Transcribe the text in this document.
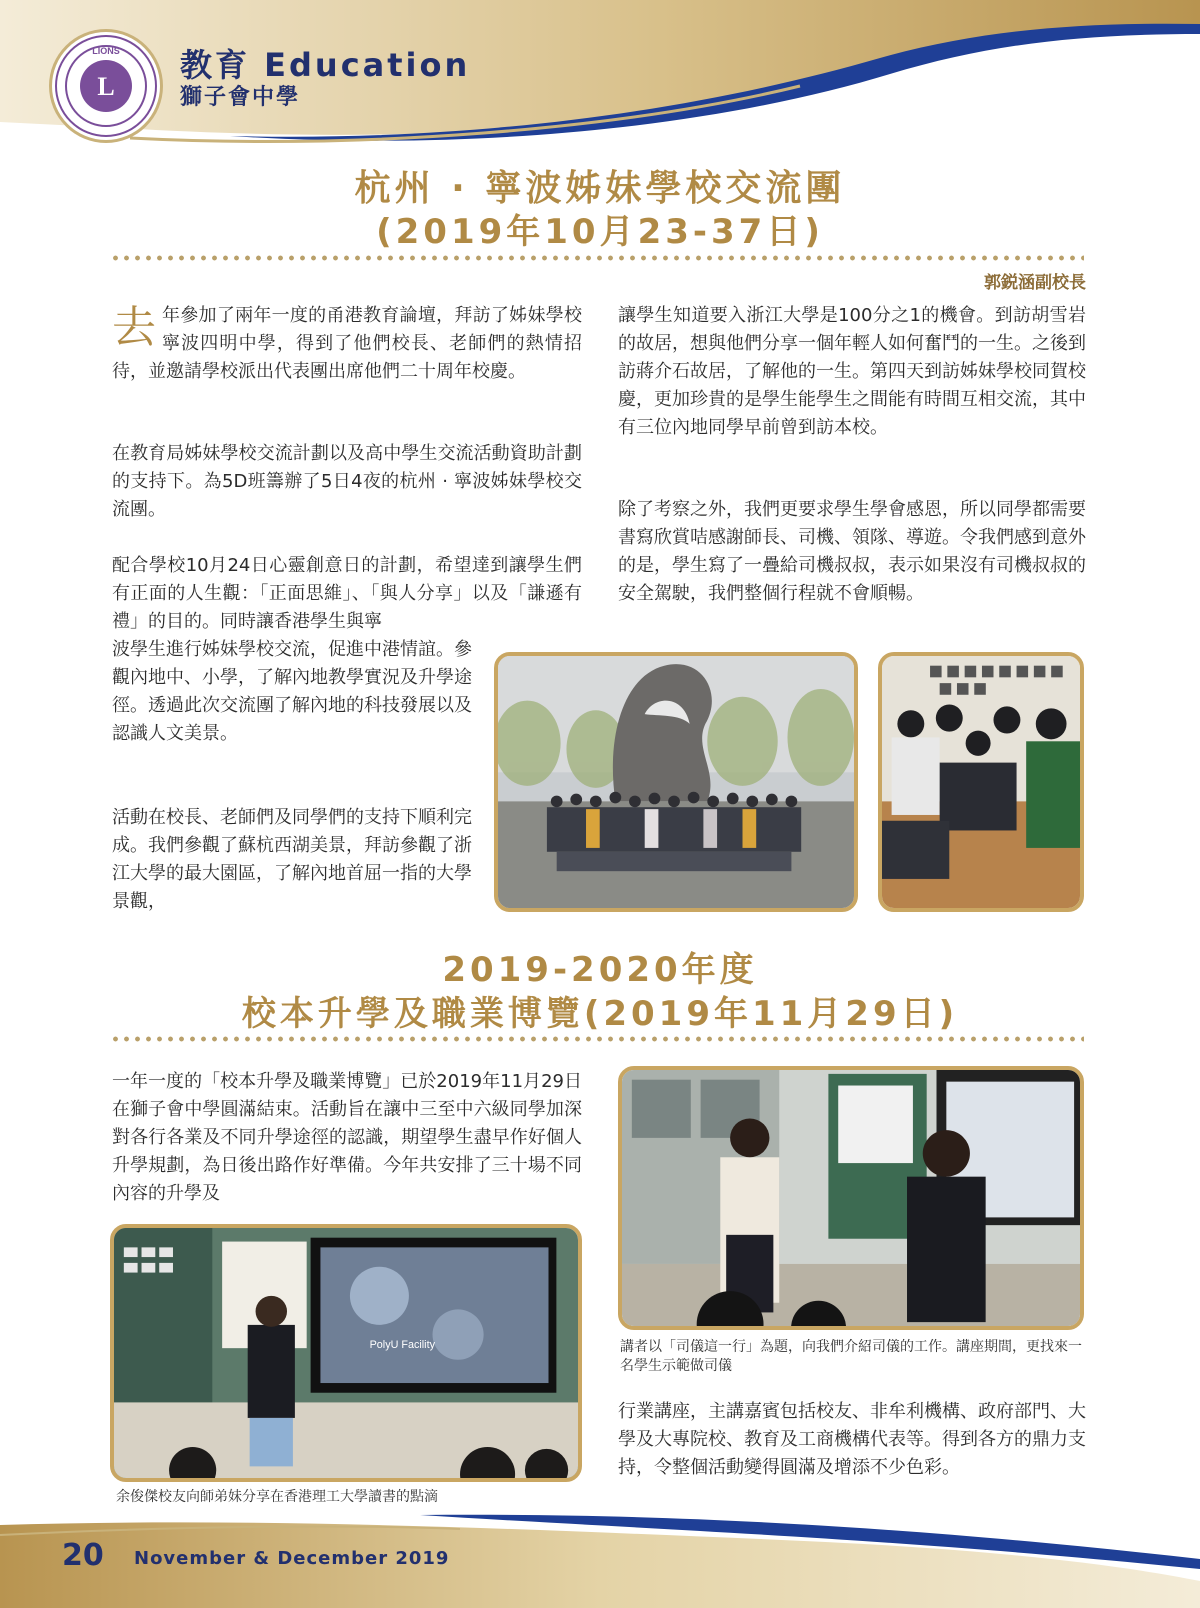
L
LIONS 教育 Education
獅子會中學
杭州 · 寧波姊妹學校交流團
(2019年10月23-37日)
郭鋭涵副校長
去年參加了兩年一度的甬港教育論壇，拜訪了姊妹學校寧波四明中學，得到了他們校長、老師們的熱情招待，並邀請學校派出代表團出席他們二十周年校慶。
在教育局姊妹學校交流計劃以及高中學生交流活動資助計劃的支持下。為5D班籌辦了5日4夜的杭州 · 寧波姊妹學校交流團。
配合學校10月24日心靈創意日的計劃，希望達到讓學生們有正面的人生觀：「正面思維」、「與人分享」以及「謙遜有禮」的目的。同時讓香港學生與寧
波學生進行姊妹學校交流，促進中港情誼。參觀內地中、小學，了解內地教學實況及升學途徑。透過此次交流團了解內地的科技發展以及認識人文美景。
活動在校長、老師們及同學們的支持下順利完成。我們參觀了蘇杭西湖美景，拜訪參觀了浙江大學的最大園區，了解內地首屈一指的大學景觀，
讓學生知道要入浙江大學是100分之1的機會。到訪胡雪岩的故居，想與他們分享一個年輕人如何奮鬥的一生。之後到訪蔣介石故居，了解他的一生。第四天到訪姊妹學校同賀校慶，更加珍貴的是學生能學生之間能有時間互相交流，其中有三位內地同學早前曾到訪本校。
除了考察之外，我們更要求學生學會感恩，所以同學都需要書寫欣賞咭感謝師長、司機、領隊、導遊。令我們感到意外的是，學生寫了一疊給司機叔叔，表示如果沒有司機叔叔的安全駕駛，我們整個行程就不會順暢。
2019-2020年度
校本升學及職業博覽(2019年11月29日)
一年一度的「校本升學及職業博覽」已於2019年11月29日在獅子會中學圓滿結束。活動旨在讓中三至中六級同學加深對各行各業及不同升學途徑的認識，期望學生盡早作好個人升學規劃，為日後出路作好準備。今年共安排了三十場不同內容的升學及
PolyU Facility
余俊傑校友向師弟妹分享在香港理工大學讀書的點滴
講者以「司儀這一行」為題，向我們介紹司儀的工作。講座期間，更找來一名學生示範做司儀
行業講座，主講嘉賓包括校友、非牟利機構、政府部門、大學及大專院校、教育及工商機構代表等。得到各方的鼎力支持，令整個活動變得圓滿及增添不少色彩。
20 November & December 2019
